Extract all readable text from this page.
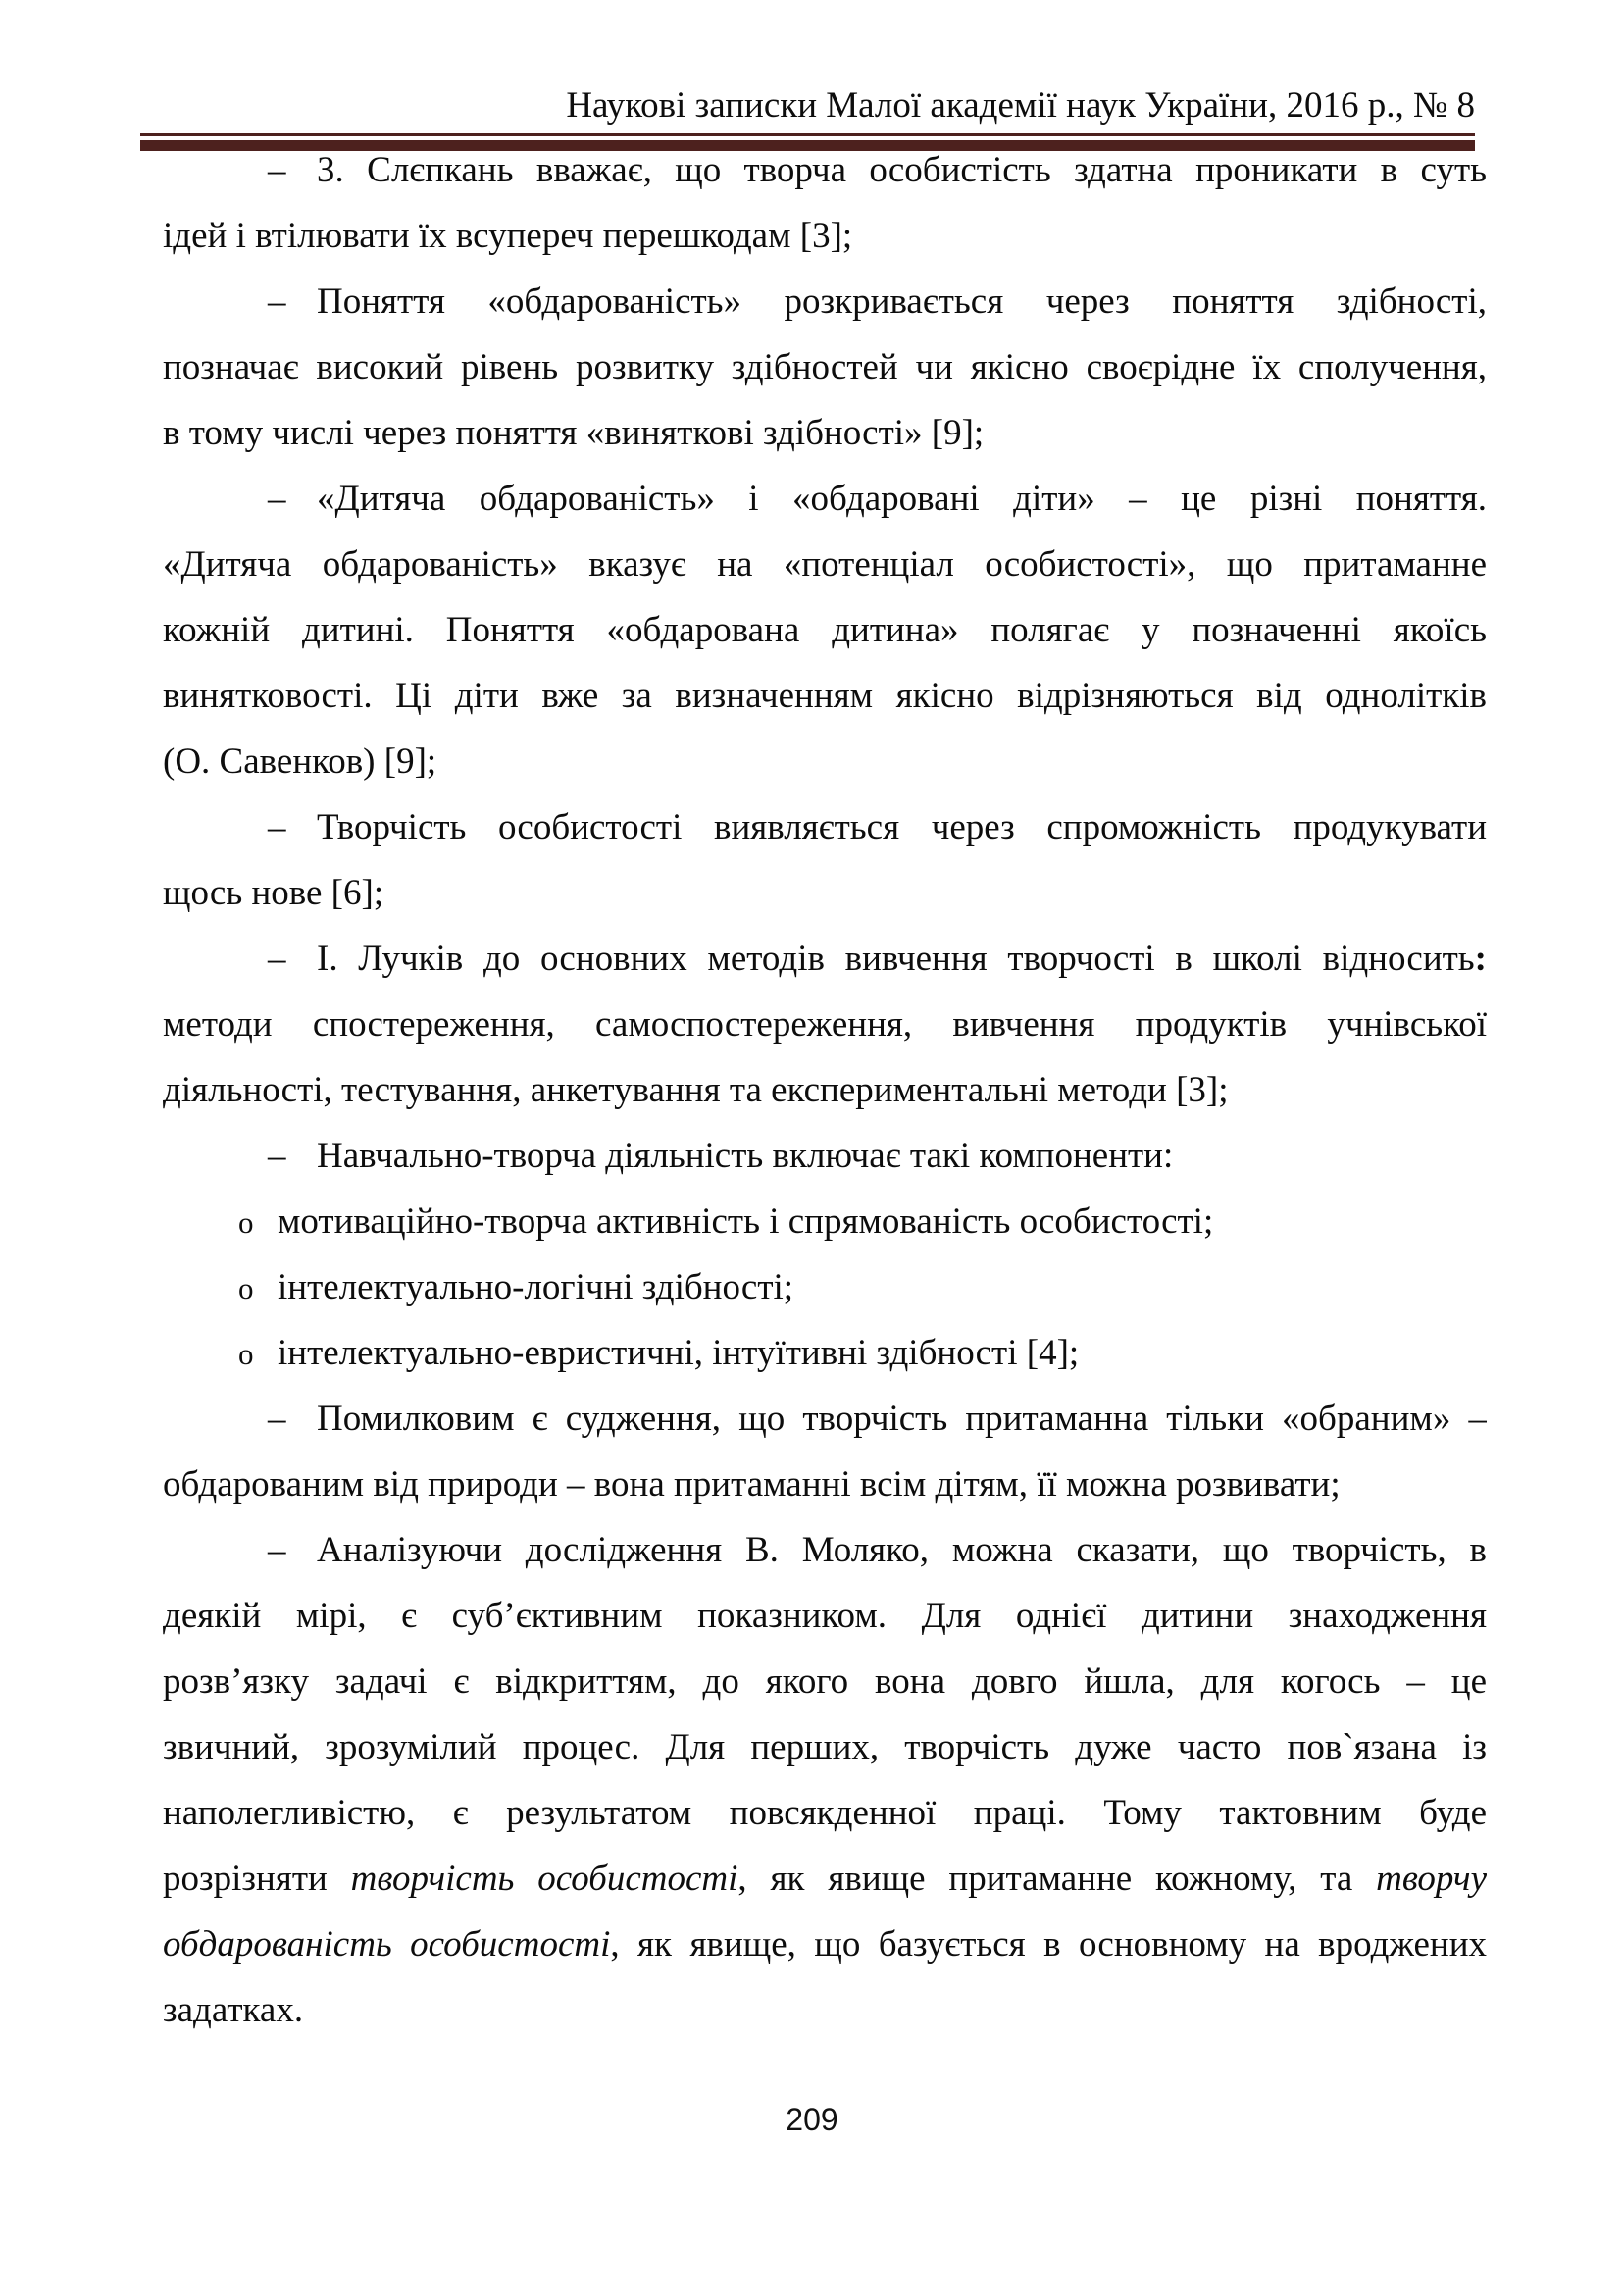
Наукові записки Малої академії наук України, 2016 р., № 8
– З. Слєпкань вважає, що творча особистість здатна проникати в суть
ідей і втілювати їх всупереч перешкодам [3];
– Поняття «обдарованість» розкривається через поняття здібності,
позначає високий рівень розвитку здібностей чи якісно своєрідне їх сполучення,
в тому числі через поняття «виняткові здібності» [9];
– «Дитяча обдарованість» і «обдаровані діти» – це різні поняття.
«Дитяча обдарованість» вказує на «потенціал особистості», що притаманне
кожній дитині. Поняття «обдарована дитина» полягає у позначенні якоїсь
винятковості. Ці діти вже за визначенням якісно відрізняються від однолітків
(О. Савенков) [9];
– Творчість особистості виявляється через спроможність продукувати
щось нове [6];
– І. Лучків до основних методів вивчення творчості в школі відносить:
методи спостереження, самоспостереження, вивчення продуктів учнівської
діяльності, тестування, анкетування та експериментальні методи [3];
– Навчально-творча діяльність включає такі компоненти:
o мотиваційно-творча активність і спрямованість особистості;
o інтелектуально-логічні здібності;
o інтелектуально-евристичні, інтуїтивні здібності [4];
– Помилковим є судження, що творчість притаманна тільки «обраним» –
обдарованим від природи – вона притаманні всім дітям, її можна розвивати;
– Аналізуючи дослідження В. Моляко, можна сказати, що творчість, в
деякій мірі, є суб’єктивним показником. Для однієї дитини знаходження
розв’язку задачі є відкриттям, до якого вона довго йшла, для когось – це
звичний, зрозумілий процес. Для перших, творчість дуже часто пов`язана із
наполегливістю, є результатом повсякденної праці. Тому тактовним буде
розрізняти творчість особистості, як явище притаманне кожному, та творчу
обдарованість особистості, як явище, що базується в основному на вроджених
задатках.
209
